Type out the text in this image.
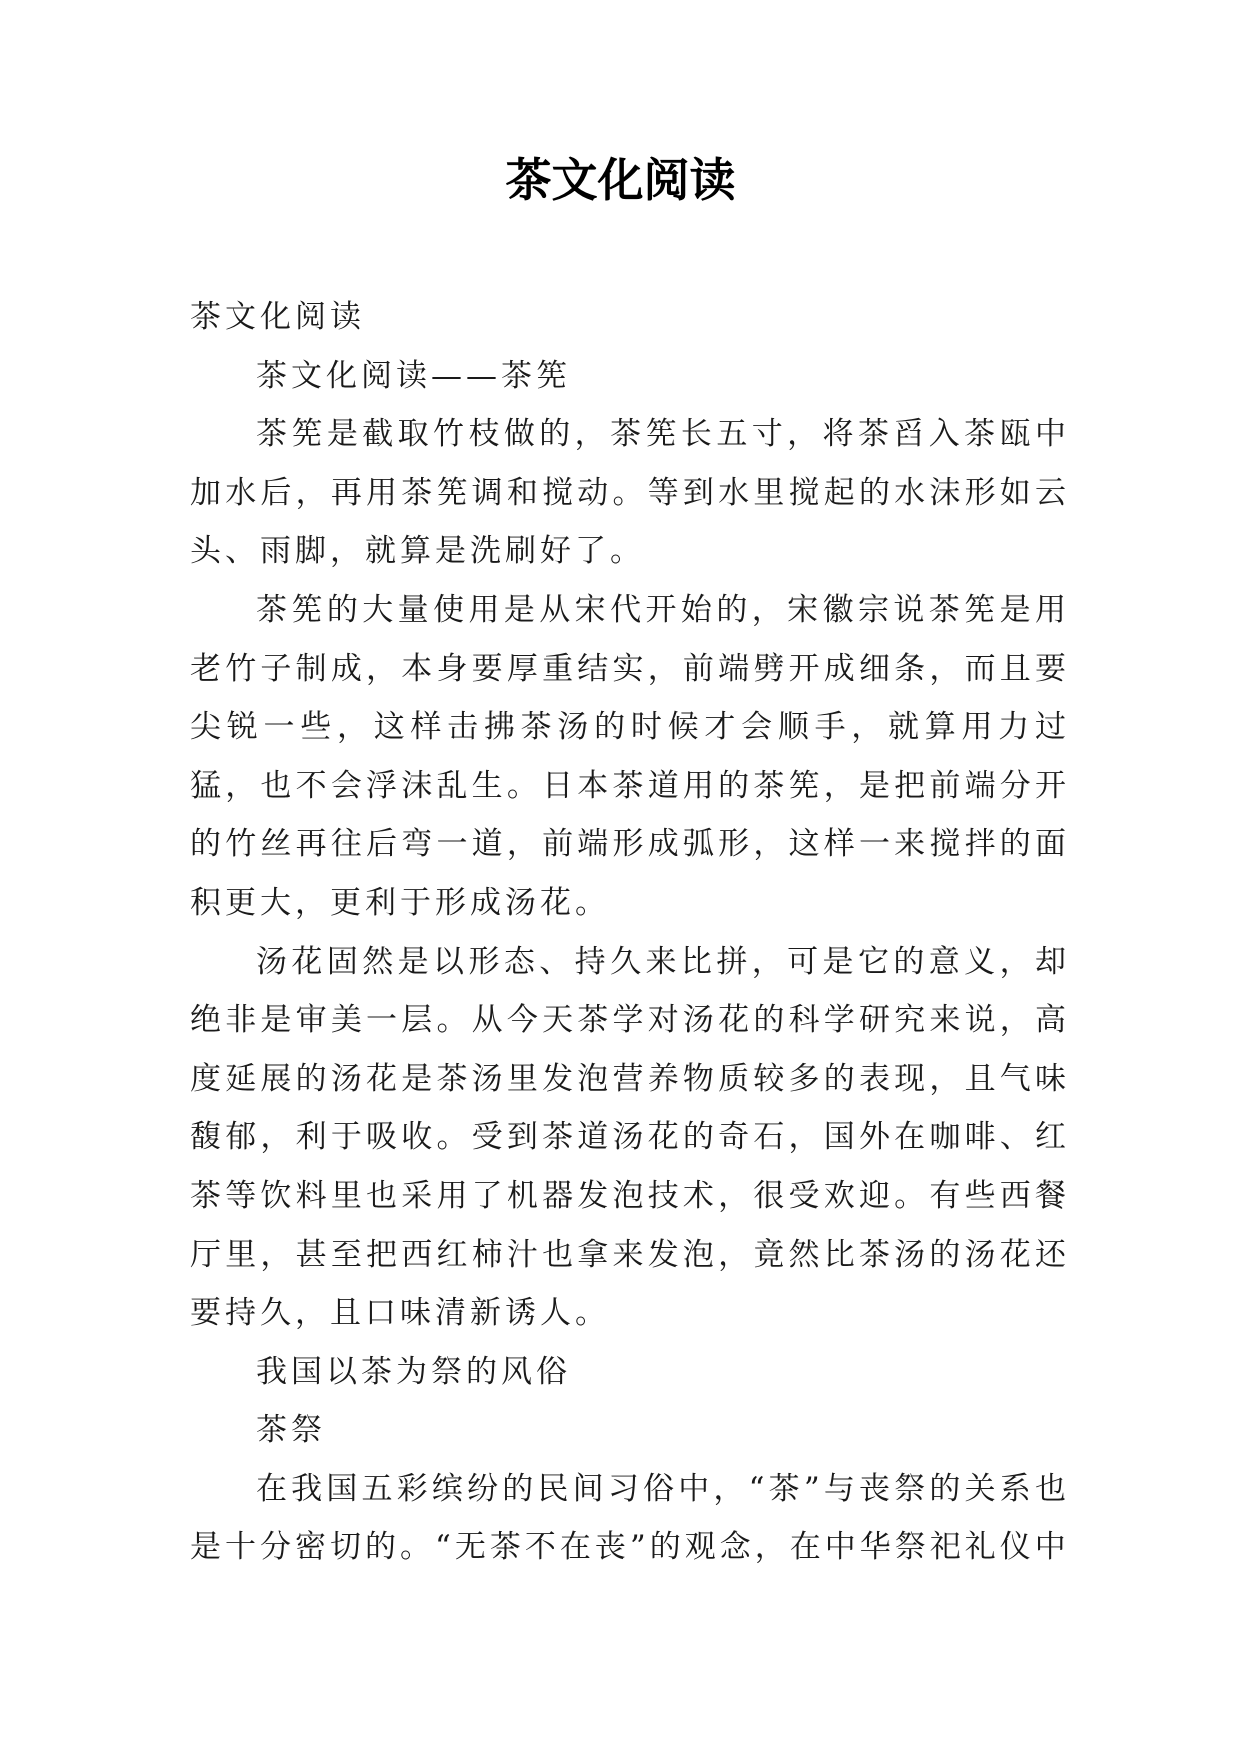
茶文化阅读

茶文化阅读

茶文化阅读——茶筅

茶筅是截取竹枝做的，茶筅长五寸，将茶舀入茶瓯中加水后，再用茶筅调和搅动。等到水里搅起的水沫形如云头、雨脚，就算是洗刷好了。

茶筅的大量使用是从宋代开始的，宋徽宗说茶筅是用老竹子制成，本身要厚重结实，前端劈开成细条，而且要尖锐一些，这样击拂茶汤的时候才会顺手，就算用力过猛，也不会浮沫乱生。日本茶道用的茶筅，是把前端分开的竹丝再往后弯一道，前端形成弧形，这样一来搅拌的面积更大，更利于形成汤花。

汤花固然是以形态、持久来比拼，可是它的意义，却绝非是审美一层。从今天茶学对汤花的科学研究来说，高度延展的汤花是茶汤里发泡营养物质较多的表现，且气味馥郁，利于吸收。受到茶道汤花的奇石，国外在咖啡、红茶等饮料里也采用了机器发泡技术，很受欢迎。有些西餐厅里，甚至把西红柿汁也拿来发泡，竟然比茶汤的汤花还要持久，且口味清新诱人。

我国以茶为祭的风俗

茶祭

在我国五彩缤纷的民间习俗中，“茶”与丧祭的关系也是十分密切的。“无茶不在丧”的观念，在中华祭祀礼仪中
